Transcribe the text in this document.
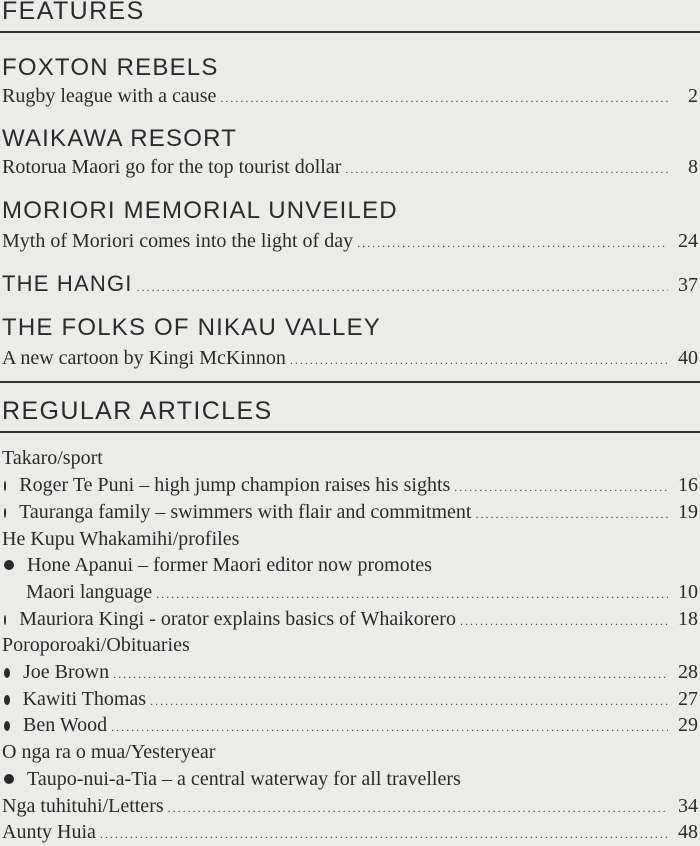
FEATURES
FOXTON REBELS
Rugby league with a cause .....	2
WAIKAWA RESORT
Rotorua Maori go for the top tourist dollar .....	8
MORIORI MEMORIAL UNVEILED
Myth of Moriori comes into the light of day .....	24
THE HANGI .....	37
THE FOLKS OF NIKAU VALLEY
A new cartoon by Kingi McKinnon .....	40
REGULAR ARTICLES
Takaro/sport
Roger Te Puni – high jump champion raises his sights .....	16
Tauranga family – swimmers with flair and commitment .....	19
He Kupu Whakamihi/profiles
Hone Apanui – former Maori editor now promotes
Maori language .....	10
Mauriora Kingi - orator explains basics of Whaikorero .....	18
Poroporoaki/Obituaries
Joe Brown .....	28
Kawiti Thomas .....	27
Ben Wood .....	29
O nga ra o mua/Yesteryear
Taupo-nui-a-Tia – a central waterway for all travellers
Nga tuhituhi/Letters .....	34
Aunty Huia .....	48
